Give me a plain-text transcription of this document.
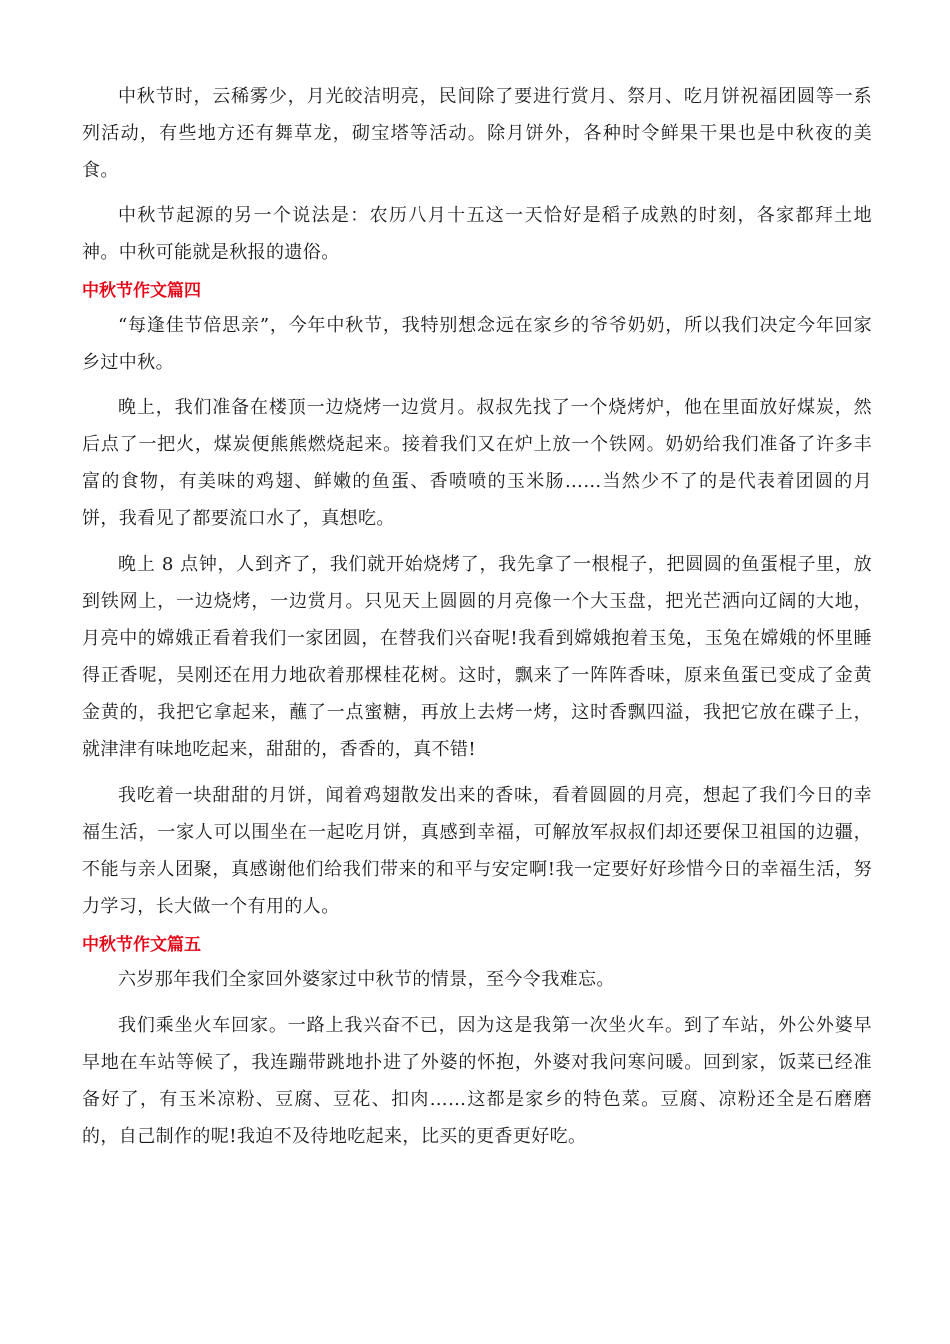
中秋节时，云稀雾少，月光皎洁明亮，民间除了要进行赏月、祭月、吃月饼祝福团圆等一系列活动，有些地方还有舞草龙，砌宝塔等活动。除月饼外，各种时令鲜果干果也是中秋夜的美食。

中秋节起源的另一个说法是：农历八月十五这一天恰好是稻子成熟的时刻，各家都拜土地神。中秋可能就是秋报的遗俗。

中秋节作文篇四

“每逢佳节倍思亲”，今年中秋节，我特别想念远在家乡的爷爷奶奶，所以我们决定今年回家乡过中秋。

晚上，我们准备在楼顶一边烧烤一边赏月。叔叔先找了一个烧烤炉，他在里面放好煤炭，然后点了一把火，煤炭便熊熊燃烧起来。接着我们又在炉上放一个铁网。奶奶给我们准备了许多丰富的食物，有美味的鸡翅、鲜嫩的鱼蛋、香喷喷的玉米肠……当然少不了的是代表着团圆的月饼，我看见了都要流口水了，真想吃。

晚上 8 点钟，人到齐了，我们就开始烧烤了，我先拿了一根棍子，把圆圆的鱼蛋棍子里，放到铁网上，一边烧烤，一边赏月。只见天上圆圆的月亮像一个大玉盘，把光芒洒向辽阔的大地，月亮中的嫦娥正看着我们一家团圆，在替我们兴奋呢!我看到嫦娥抱着玉兔，玉兔在嫦娥的怀里睡得正香呢，吴刚还在用力地砍着那棵桂花树。这时，飘来了一阵阵香味，原来鱼蛋已变成了金黄金黄的，我把它拿起来，蘸了一点蜜糖，再放上去烤一烤，这时香飘四溢，我把它放在碟子上，就津津有味地吃起来，甜甜的，香香的，真不错!

我吃着一块甜甜的月饼，闻着鸡翅散发出来的香味，看着圆圆的月亮，想起了我们今日的幸福生活，一家人可以围坐在一起吃月饼，真感到幸福，可解放军叔叔们却还要保卫祖国的边疆，不能与亲人团聚，真感谢他们给我们带来的和平与安定啊!我一定要好好珍惜今日的幸福生活，努力学习，长大做一个有用的人。

中秋节作文篇五

六岁那年我们全家回外婆家过中秋节的情景，至今令我难忘。

我们乘坐火车回家。一路上我兴奋不已，因为这是我第一次坐火车。到了车站，外公外婆早早地在车站等候了，我连蹦带跳地扑进了外婆的怀抱，外婆对我问寒问暖。回到家，饭菜已经准备好了，有玉米凉粉、豆腐、豆花、扣肉……这都是家乡的特色菜。豆腐、凉粉还全是石磨磨的，自己制作的呢!我迫不及待地吃起来，比买的更香更好吃。
